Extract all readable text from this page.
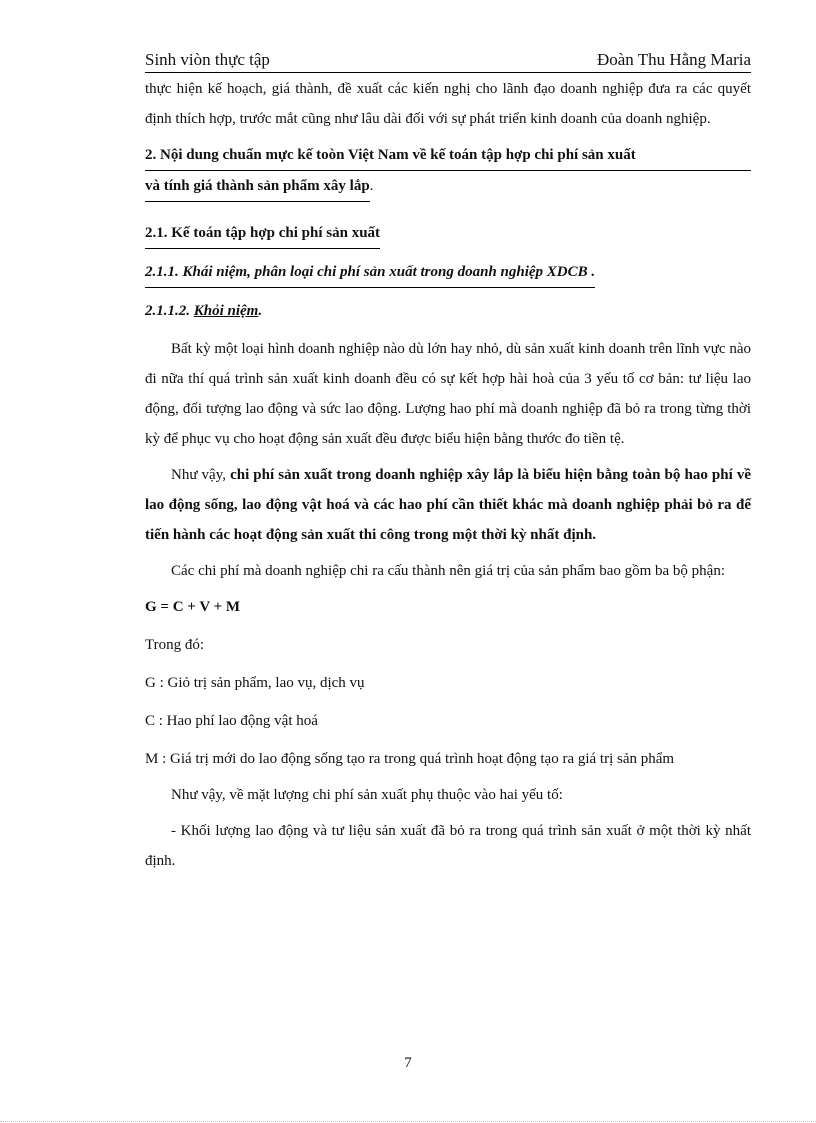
Sinh viòn thực tập	Đoàn Thu Hằng Maria

thực hiện kế hoạch, giá thành, đề xuất các kiến nghị cho lãnh đạo doanh nghiệp đưa ra các quyết định thích hợp, trước mắt cũng như lâu dài đối với sự phát triển kinh doanh của doanh nghiệp.

2. Nội dung chuẩn mực kế toòn Việt Nam về kế toán tập hợp chi phí sản xuất
và tính giá thành sản phẩm xây lắp.
2.1. Kế toán tập hợp chi phí sản xuất
2.1.1. Khái niệm, phân loại chi phí sản xuất trong doanh nghiệp XDCB .
2.1.1.2. Khỏi niệm.

Bất kỳ một loại hình doanh nghiệp nào dù lớn hay nhỏ, dù sản xuất kinh doanh trên lĩnh vực nào đi nữa thí quá trình sản xuất kinh doanh đều có sự kết hợp hài hoà của 3 yếu tố cơ bản: tư liệu lao động, đối tượng lao động và sức lao động. Lượng hao phí mà doanh nghiệp đã bỏ ra trong từng thời kỳ để phục vụ cho hoạt động sản xuất đều được biểu hiện bằng thước đo tiền tệ.

Như vậy, chi phí sản xuất trong doanh nghiệp xây lắp là biểu hiện bằng toàn bộ hao phí về lao động sống, lao động vật hoá và các hao phí cần thiết khác mà doanh nghiệp phải bỏ ra để tiến hành các hoạt động sản xuất thi công trong một thời kỳ nhất định.

Các chi phí mà doanh nghiệp chi ra cấu thành nên giá trị của sản phẩm bao gồm ba bộ phận:

G = C + V + M

Trong đó:

G : Giỏ trị sản phẩm, lao vụ, dịch vụ

C : Hao phí lao động vật hoá

M : Giá trị mới do lao động sống tạo ra trong quá trình hoạt động tạo ra giá trị sản phẩm

Như vậy, về mặt lượng chi phí sản xuất phụ thuộc vào hai yếu tố:

- Khối lượng lao động và tư liệu sản xuất đã bỏ ra trong quá trình sản xuất ở một thời kỳ nhất định.

7
